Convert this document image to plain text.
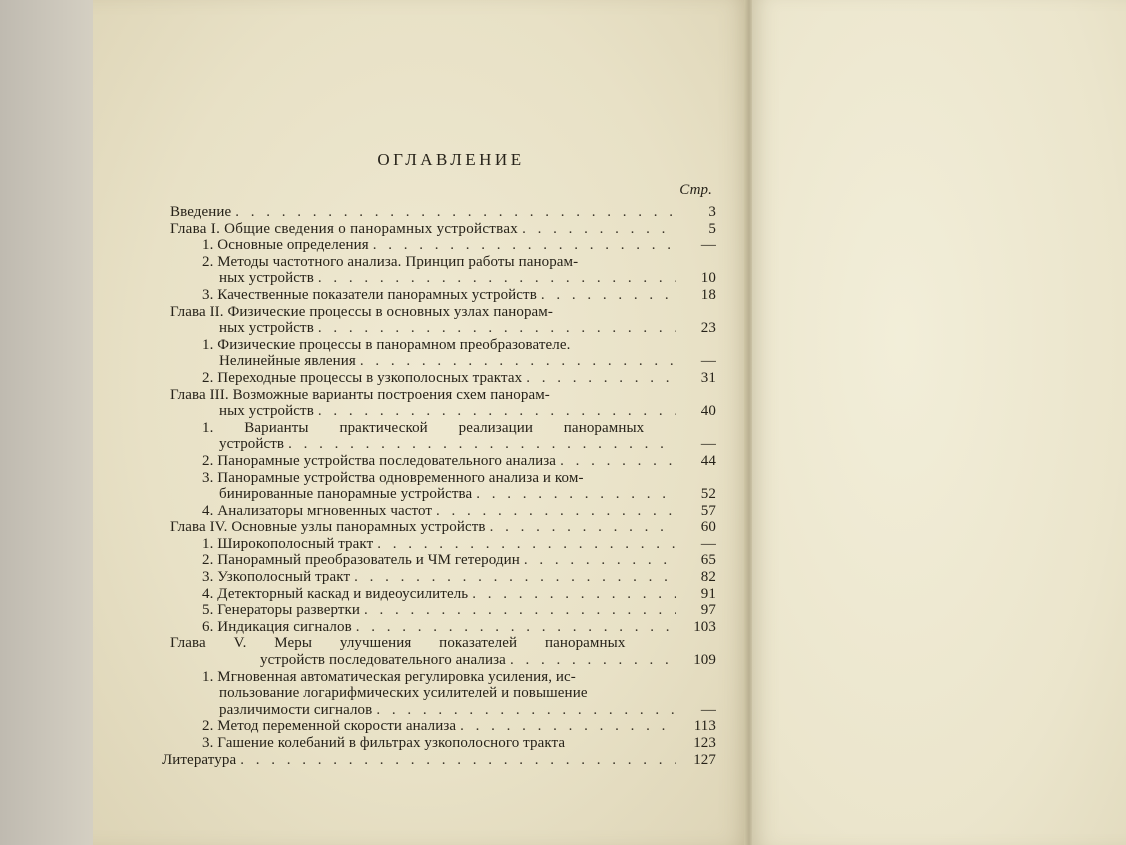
ОГЛАВЛЕНИЕ
Стр.
Введение . . .	3
Глава I. Общие сведения о панорамных устройствах . . .	5
1. Основные определения . . .	—
2. Методы частотного анализа. Принцип работы панорам-
ных устройств . . .	10
3. Качественные показатели панорамных устройств . . .	18
Глава II. Физические процессы в основных узлах панорам-
ных устройств . . .	23
1. Физические процессы в панорамном преобразователе.
Нелинейные явления . . .	—
2. Переходные процессы в узкополосных трактах . . .	31
Глава III. Возможные варианты построения схем панорам-
ных устройств . . .	40
1. Варианты практической реализации панорамных
устройств . . .	—
2. Панорамные устройства последовательного анализа . . .	44
3. Панорамные устройства одновременного анализа и ком-
бинированные панорамные устройства . . .	52
4. Анализаторы мгновенных частот . . .	57
Глава IV. Основные узлы панорамных устройств . . .	60
1. Широкополосный тракт . . .	—
2. Панорамный преобразователь и ЧМ гетеродин . . .	65
3. Узкополосный тракт . . .	82
4. Детекторный каскад и видеоусилитель . . .	91
5. Генераторы развертки . . .	97
6. Индикация сигналов . . .	103
Глава V. Меры улучшения показателей панорамных
устройств последовательного анализа . . .	109
1. Мгновенная автоматическая регулировка усиления, ис-
пользование логарифмических усилителей и повышение
различимости сигналов . . .	—
2. Метод переменной скорости анализа . . .	113
3. Гашение колебаний в фильтрах узкополосного тракта	123
Литература . . .	127
